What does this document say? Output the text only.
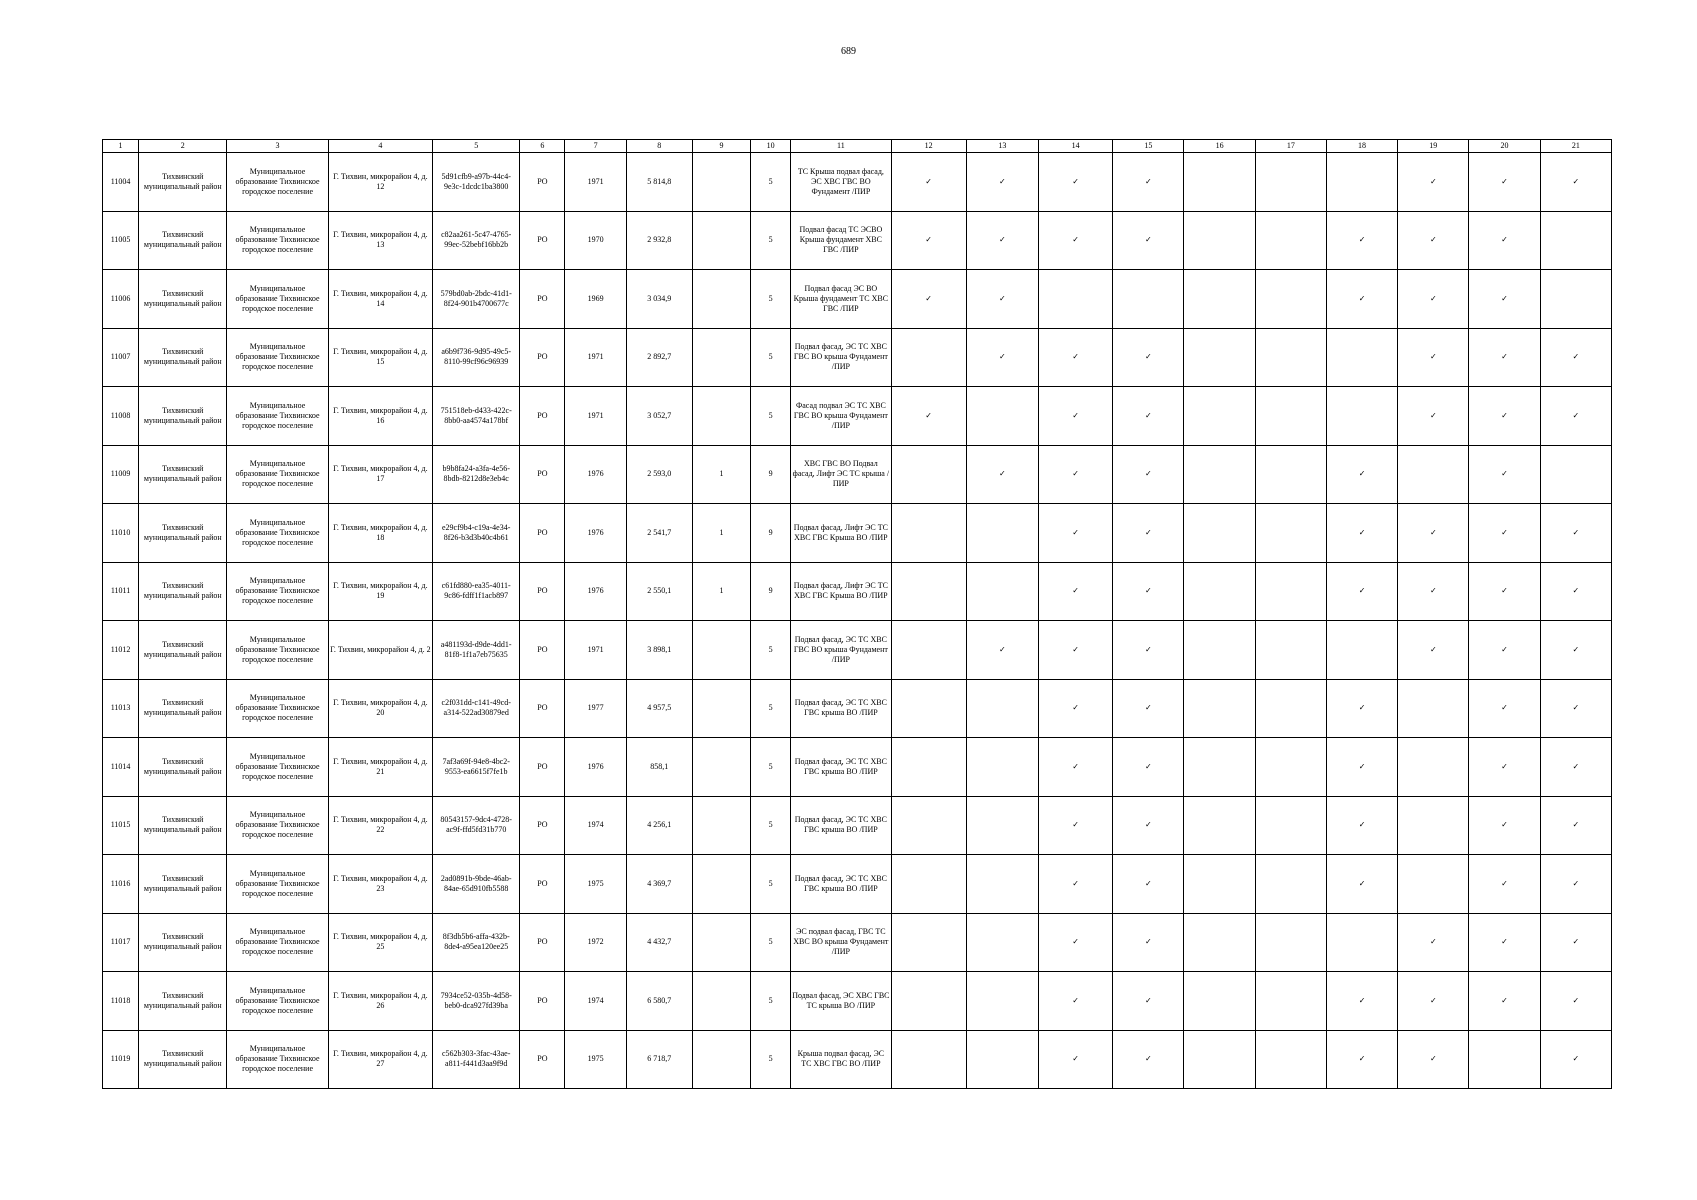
689
1	2	3	4	5	6	7	8	9	10	11	12	13	14	15	16	17	18	19	20	21
11004	Тихвинский муниципальный район	Муниципальное образование Тихвинское городское поселение	Г. Тихвин, микрорайон 4, д. 12	5d91cfb9-a97b-44c4-9e3c-1dcdc1ba3800	РО	1971	5 814,8		5	ТС Крыша подвал фасад, ЭС ХВС ГВС ВО Фундамент /ПИР	✓	✓	✓	✓				✓	✓	✓
11005	Тихвинский муниципальный район	Муниципальное образование Тихвинское городское поселение	Г. Тихвин, микрорайон 4, д. 13	c82aa261-5c47-4765-99ec-52bebf16bb2b	РО	1970	2 932,8		5	Подвал фасад ТС ЭСВО Крыша фундамент ХВС ГВС /ПИР	✓	✓	✓	✓			✓	✓	✓	
11006	Тихвинский муниципальный район	Муниципальное образование Тихвинское городское поселение	Г. Тихвин, микрорайон 4, д. 14	579bd0ab-2bdc-41d1-8f24-901b4700677c	РО	1969	3 034,9		5	Подвал фасад ЭС ВО Крыша фундамент ТС ХВС ГВС /ПИР	✓	✓					✓	✓	✓	
11007	Тихвинский муниципальный район	Муниципальное образование Тихвинское городское поселение	Г. Тихвин, микрорайон 4, д. 15	a6b9f736-9d95-49c5-8110-99cf96c96939	РО	1971	2 892,7		5	Подвал фасад, ЭС ТС ХВС ГВС ВО крыша Фундамент /ПИР		✓	✓	✓				✓	✓	✓
11008	Тихвинский муниципальный район	Муниципальное образование Тихвинское городское поселение	Г. Тихвин, микрорайон 4, д. 16	751518eb-d433-422c-8bb0-aa4574a178bf	РО	1971	3 052,7		5	Фасад подвал ЭС ТС ХВС ГВС ВО крыша Фундамент /ПИР	✓		✓	✓				✓	✓	✓
11009	Тихвинский муниципальный район	Муниципальное образование Тихвинское городское поселение	Г. Тихвин, микрорайон 4, д. 17	b9b8fa24-a3fa-4e56-8bdb-8212d8e3eb4c	РО	1976	2 593,0	1	9	ХВС ГВС ВО Подвал фасад, Лифт ЭС ТС крыша /ПИР		✓	✓	✓			✓		✓	
11010	Тихвинский муниципальный район	Муниципальное образование Тихвинское городское поселение	Г. Тихвин, микрорайон 4, д. 18	e29cf9b4-c19a-4e34-8f26-b3d3b40c4b61	РО	1976	2 541,7	1	9	Подвал фасад, Лифт ЭС ТС ХВС ГВС Крыша ВО /ПИР			✓	✓			✓	✓	✓	✓
11011	Тихвинский муниципальный район	Муниципальное образование Тихвинское городское поселение	Г. Тихвин, микрорайон 4, д. 19	c61fd880-ea35-4011-9c86-fdff1f1acb897	РО	1976	2 550,1	1	9	Подвал фасад, Лифт ЭС ТС ХВС ГВС Крыша ВО /ПИР			✓	✓			✓	✓	✓	✓
11012	Тихвинский муниципальный район	Муниципальное образование Тихвинское городское поселение	Г. Тихвин, микрорайон 4, д. 2	a481193d-d9de-4dd1-81f8-1f1a7eb75635	РО	1971	3 898,1		5	Подвал фасад, ЭС ТС ХВС ГВС ВО крыша Фундамент /ПИР		✓	✓	✓				✓	✓	✓
11013	Тихвинский муниципальный район	Муниципальное образование Тихвинское городское поселение	Г. Тихвин, микрорайон 4, д. 20	c2f031dd-c141-49cd-a314-522ad30879ed	РО	1977	4 957,5		5	Подвал фасад, ЭС ТС ХВС ГВС крыша ВО /ПИР			✓	✓			✓		✓	✓
11014	Тихвинский муниципальный район	Муниципальное образование Тихвинское городское поселение	Г. Тихвин, микрорайон 4, д. 21	7af3a69f-94e8-4bc2-9553-ea6615f7fe1b	РО	1976	858,1		5	Подвал фасад, ЭС ТС ХВС ГВС крыша ВО /ПИР			✓	✓			✓		✓	✓
11015	Тихвинский муниципальный район	Муниципальное образование Тихвинское городское поселение	Г. Тихвин, микрорайон 4, д. 22	80543157-9dc4-4728-ac9f-ffd5fd31b770	РО	1974	4 256,1		5	Подвал фасад, ЭС ТС ХВС ГВС крыша ВО /ПИР			✓	✓			✓		✓	✓
11016	Тихвинский муниципальный район	Муниципальное образование Тихвинское городское поселение	Г. Тихвин, микрорайон 4, д. 23	2ad0891b-9bde-46ab-84ae-65d910fb5588	РО	1975	4 369,7		5	Подвал фасад, ЭС ТС ХВС ГВС крыша ВО /ПИР			✓	✓			✓		✓	✓
11017	Тихвинский муниципальный район	Муниципальное образование Тихвинское городское поселение	Г. Тихвин, микрорайон 4, д. 25	8f3db5b6-affa-432b-8de4-a95ea120ee25	РО	1972	4 432,7		5	ЭС подвал фасад, ГВС ТС ХВС ВО крыша Фундамент /ПИР			✓	✓				✓	✓	✓
11018	Тихвинский муниципальный район	Муниципальное образование Тихвинское городское поселение	Г. Тихвин, микрорайон 4, д. 26	7934ce52-035b-4d58-beb0-dca927fd39ba	РО	1974	6 580,7		5	Подвал фасад, ЭС ХВС ГВС ТС крыша ВО /ПИР			✓	✓			✓	✓	✓	✓
11019	Тихвинский муниципальный район	Муниципальное образование Тихвинское городское поселение	Г. Тихвин, микрорайон 4, д. 27	c562b303-3fac-43ae-a811-f441d3aa9f9d	РО	1975	6 718,7		5	Крыша подвал фасад, ЭС ТС ХВС ГВС ВО /ПИР			✓	✓			✓	✓		✓
